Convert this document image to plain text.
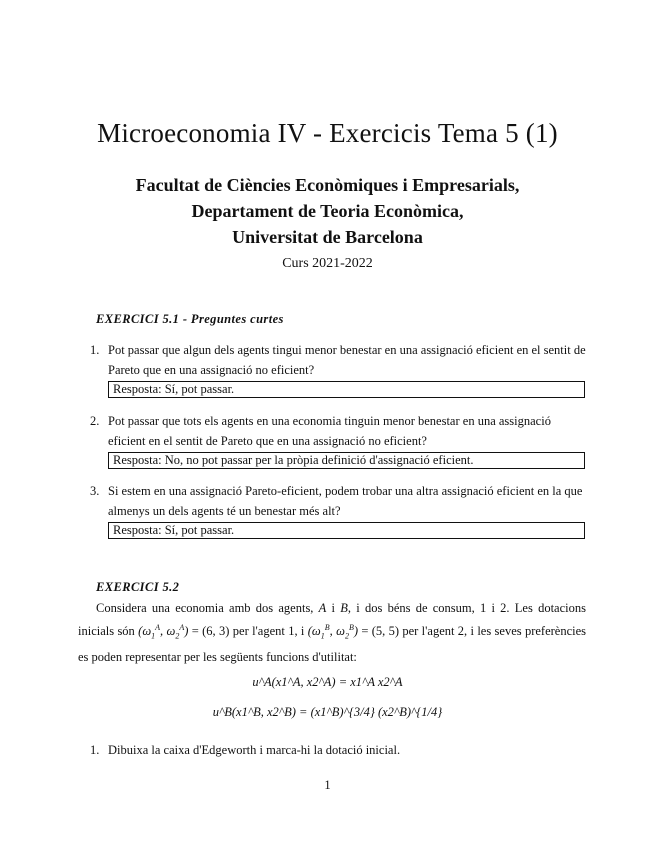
Microeconomia IV - Exercicis Tema 5 (1)
Facultat de Ciències Econòmiques i Empresarials,
Departament de Teoria Econòmica,
Universitat de Barcelona
Curs 2021-2022
EXERCICI 5.1 - Preguntes curtes
1. Pot passar que algun dels agents tingui menor benestar en una assignació eficient en el sentit de Pareto que en una assignació no eficient?
Resposta: Sí, pot passar.
2. Pot passar que tots els agents en una economia tinguin menor benestar en una assignació eficient en el sentit de Pareto que en una assignació no eficient?
Resposta: No, no pot passar per la pròpia definició d'assignació eficient.
3. Si estem en una assignació Pareto-eficient, podem trobar una altra assignació eficient en la que almenys un dels agents té un benestar més alt?
Resposta: Sí, pot passar.
EXERCICI 5.2
Considera una economia amb dos agents, A i B, i dos béns de consum, 1 i 2. Les dotacions inicials són ($\omega_1^A$, $\omega_2^A) = (6$, 3) per l'agent 1, i ($\omega_1^B$, $\omega_2^B) = (5$, 5) per l'agent 2, i les seves preferències es poden representar per les següents funcions d'utilitat:
u^A(x1^A, x2^A) = x1^A x2^A
u^B(x1^B, x2^B) = (x1^B)^{3/4} (x2^B)^{1/4}
1. Dibuixa la caixa d'Edgeworth i marca-hi la dotació inicial.
1
